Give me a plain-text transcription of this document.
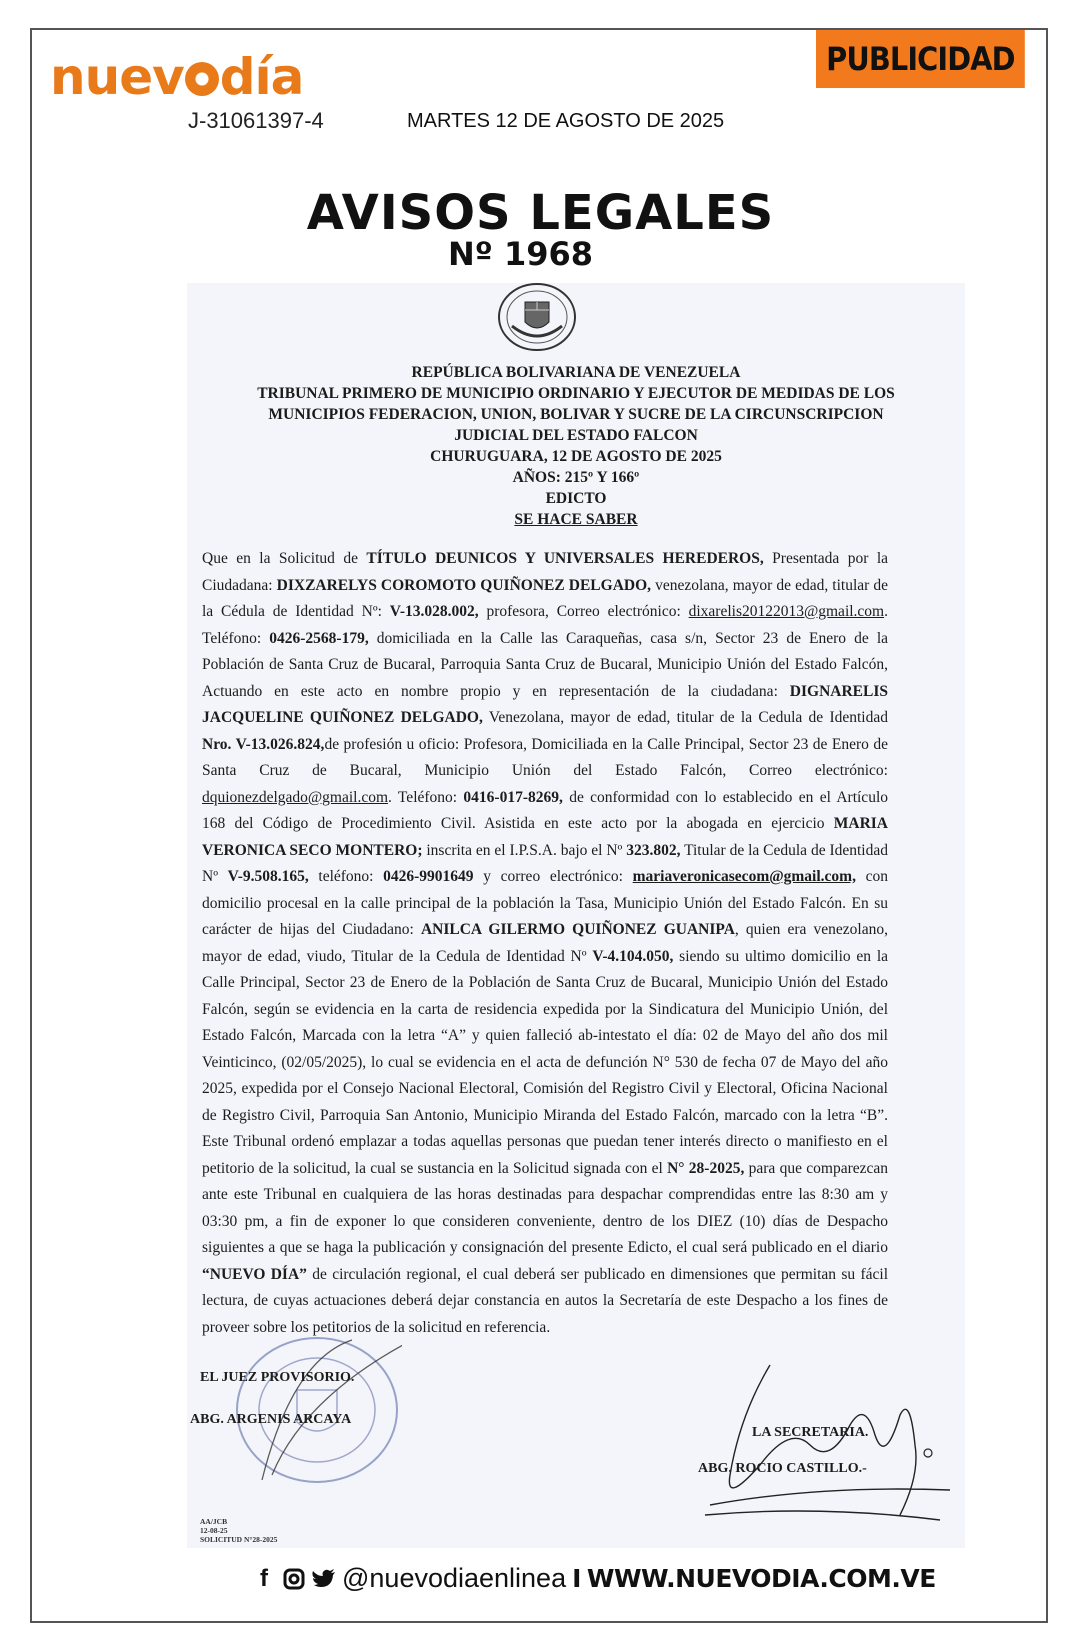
nuev día
J-31061397-4	MARTES 12 DE AGOSTO DE 2025
PUBLICIDAD
AVISOS LEGALES
Nº 1968
REPÚBLICA BOLIVARIANA DE VENEZUELA
TRIBUNAL PRIMERO DE MUNICIPIO ORDINARIO Y EJECUTOR DE MEDIDAS DE LOS
MUNICIPIOS FEDERACION, UNION, BOLIVAR Y SUCRE DE LA CIRCUNSCRIPCION
JUDICIAL DEL ESTADO FALCON
CHURUGUARA, 12 DE AGOSTO DE 2025
AÑOS: 215º Y 166º
EDICTO
SE HACE SABER
Que en la Solicitud de TÍTULO DEUNICOS Y UNIVERSALES HEREDEROS, Presentada por la Ciudadana: DIXZARELYS COROMOTO QUIÑONEZ DELGADO, venezolana, mayor de edad, titular de la Cédula de Identidad Nº: V-13.028.002, profesora, Correo electrónico: dixarelis20122013@gmail.com. Teléfono: 0426-2568-179, domiciliada en la Calle las Caraqueñas, casa s/n, Sector 23 de Enero de la Población de Santa Cruz de Bucaral, Parroquia Santa Cruz de Bucaral, Municipio Unión del Estado Falcón, Actuando en este acto en nombre propio y en representación de la ciudadana: DIGNARELIS JACQUELINE QUIÑONEZ DELGADO, Venezolana, mayor de edad, titular de la Cedula de Identidad Nro. V-13.026.824,de profesión u oficio: Profesora, Domiciliada en la Calle Principal, Sector 23 de Enero de Santa Cruz de Bucaral, Municipio Unión del Estado Falcón, Correo electrónico: dquionezdelgado@gmail.com. Teléfono: 0416-017-8269, de conformidad con lo establecido en el Artículo 168 del Código de Procedimiento Civil. Asistida en este acto por la abogada en ejercicio MARIA VERONICA SECO MONTERO; inscrita en el I.P.S.A. bajo el Nº 323.802, Titular de la Cedula de Identidad Nº V-9.508.165, teléfono: 0426-9901649 y correo electrónico: mariaveronicasecom@gmail.com, con domicilio procesal en la calle principal de la población la Tasa, Municipio Unión del Estado Falcón. En su carácter de hijas del Ciudadano: ANILCA GILERMO QUIÑONEZ GUANIPA, quien era venezolano, mayor de edad, viudo, Titular de la Cedula de Identidad Nº V-4.104.050, siendo su ultimo domicilio en la Calle Principal, Sector 23 de Enero de la Población de Santa Cruz de Bucaral, Municipio Unión del Estado Falcón, según se evidencia en la carta de residencia expedida por la Sindicatura del Municipio Unión, del Estado Falcón, Marcada con la letra “A” y quien falleció ab-intestato el día: 02 de Mayo del año dos mil Veinticinco, (02/05/2025), lo cual se evidencia en el acta de defunción N° 530 de fecha 07 de Mayo del año 2025, expedida por el Consejo Nacional Electoral, Comisión del Registro Civil y Electoral, Oficina Nacional de Registro Civil, Parroquia San Antonio, Municipio Miranda del Estado Falcón, marcado con la letra “B”. Este Tribunal ordenó emplazar a todas aquellas personas que puedan tener interés directo o manifiesto en el petitorio de la solicitud, la cual se sustancia en la Solicitud signada con el N° 28-2025, para que comparezcan ante este Tribunal en cualquiera de las horas destinadas para despachar comprendidas entre las 8:30 am y 03:30 pm, a fin de exponer lo que consideren conveniente, dentro de los DIEZ (10) días de Despacho siguientes a que se haga la publicación y consignación del presente Edicto, el cual será publicado en el diario “NUEVO DÍA” de circulación regional, el cual deberá ser publicado en dimensiones que permitan su fácil lectura, de cuyas actuaciones deberá dejar constancia en autos la Secretaría de este Despacho a los fines de proveer sobre los petitorios de la solicitud en referencia.
EL JUEZ PROVISORIO.
ABG. ARGENIS ARCAYA
LA SECRETARIA.
ABG. ROCIO CASTILLO.-
AA/JCB
12-08-25
SOLICITUD N°28-2025
f	@nuevodiaenlinea I WWW.NUEVODIA.COM.VE
